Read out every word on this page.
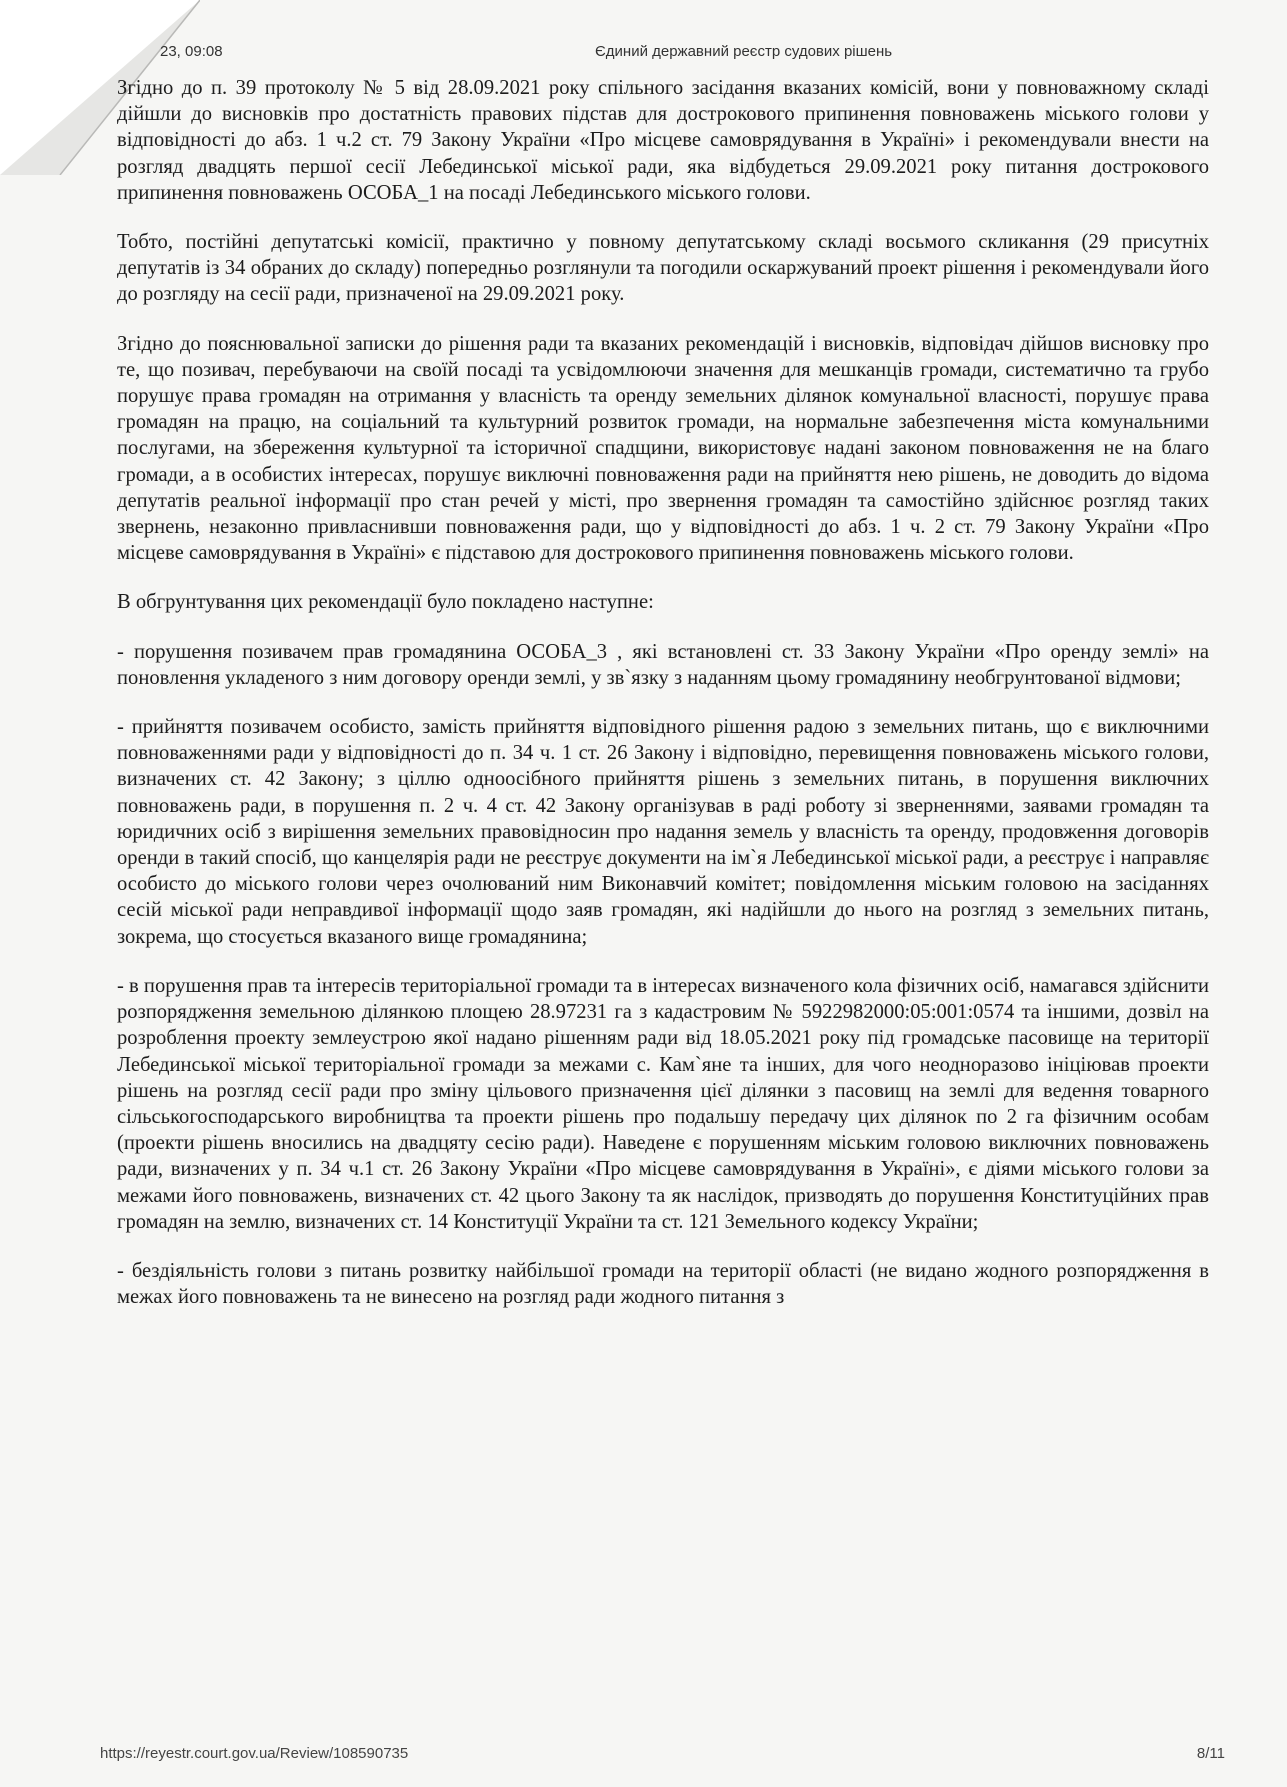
23, 09:08	Єдиний державний реєстр судових рішень

Згідно до п. 39 протоколу № 5 від 28.09.2021 року спільного засідання вказаних комісій, вони у повноважному складі дійшли до висновків про достатність правових підстав для дострокового припинення повноважень міського голови у відповідності до абз. 1 ч.2 ст. 79 Закону України «Про місцеве самоврядування в Україні» і рекомендували внести на розгляд двадцять першої сесії Лебединської міської ради, яка відбудеться 29.09.2021 року питання дострокового припинення повноважень ОСОБА_1 на посаді Лебединського міського голови.

Тобто, постійні депутатські комісії, практично у повному депутатському складі восьмого скликання (29 присутніх депутатів із 34 обраних до складу) попередньо розглянули та погодили оскаржуваний проект рішення і рекомендували його до розгляду на сесії ради, призначеної на 29.09.2021 року.

Згідно до пояснювальної записки до рішення ради та вказаних рекомендацій і висновків, відповідач дійшов висновку про те, що позивач, перебуваючи на своїй посаді та усвідомлюючи значення для мешканців громади, систематично та грубо порушує права громадян на отримання у власність та оренду земельних ділянок комунальної власності, порушує права громадян на працю, на соціальний та культурний розвиток громади, на нормальне забезпечення міста комунальними послугами, на збереження культурної та історичної спадщини, використовує надані законом повноваження не на благо громади, а в особистих інтересах, порушує виключні повноваження ради на прийняття нею рішень, не доводить до відома депутатів реальної інформації про стан речей у місті, про звернення громадян та самостійно здійснює розгляд таких звернень, незаконно привласнивши повноваження ради, що у відповідності до абз. 1 ч. 2 ст. 79 Закону України «Про місцеве самоврядування в Україні» є підставою для дострокового припинення повноважень міського голови.

В обгрунтування цих рекомендації було покладено наступне:

- порушення позивачем прав громадянина ОСОБА_3 , які встановлені ст. 33 Закону України «Про оренду землі» на поновлення укладеного з ним договору оренди землі, у зв`язку з наданням цьому громадянину необгрунтованої відмови;

- прийняття позивачем особисто, замість прийняття відповідного рішення радою з земельних питань, що є виключними повноваженнями ради у відповідності до п. 34 ч. 1 ст. 26 Закону і відповідно, перевищення повноважень міського голови, визначених ст. 42 Закону; з ціллю одноосібного прийняття рішень з земельних питань, в порушення виключних повноважень ради, в порушення п. 2 ч. 4 ст. 42 Закону організував в раді роботу зі зверненнями, заявами громадян та юридичних осіб з вирішення земельних правовідносин про надання земель у власність та оренду, продовження договорів оренди в такий спосіб, що канцелярія ради не реєструє документи на ім`я Лебединської міської ради, а реєструє і направляє особисто до міського голови через очолюваний ним Виконавчий комітет; повідомлення міським головою на засіданнях сесій міської ради неправдивої інформації щодо заяв громадян, які надійшли до нього на розгляд з земельних питань, зокрема, що стосується вказаного вище громадянина;

- в порушення прав та інтересів територіальної громади та в інтересах визначеного кола фізичних осіб, намагався здійснити розпорядження земельною ділянкою площею 28.97231 га з кадастровим № 5922982000:05:001:0574 та іншими, дозвіл на розроблення проекту землеустрою якої надано рішенням ради від 18.05.2021 року під громадське пасовище на території Лебединської міської територіальної громади за межами с. Кам`яне та інших, для чого неодноразово ініціював проекти рішень на розгляд сесії ради про зміну цільового призначення цієї ділянки з пасовищ на землі для ведення товарного сільськогосподарського виробництва та проекти рішень про подальшу передачу цих ділянок по 2 га фізичним особам (проекти рішень вносились на двадцяту сесію ради). Наведене є порушенням міським головою виключних повноважень ради, визначених у п. 34 ч.1 ст. 26 Закону України «Про місцеве самоврядування в Україні», є діями міського голови за межами його повноважень, визначених ст. 42 цього Закону та як наслідок, призводять до порушення Конституційних прав громадян на землю, визначених ст. 14 Конституції України та ст. 121 Земельного кодексу України;

- бездіяльність голови з питань розвитку найбільшої громади на території області (не видано жодного розпорядження в межах його повноважень та не винесено на розгляд ради жодного питання з

https://reyestr.court.gov.ua/Review/108590735	8/11
